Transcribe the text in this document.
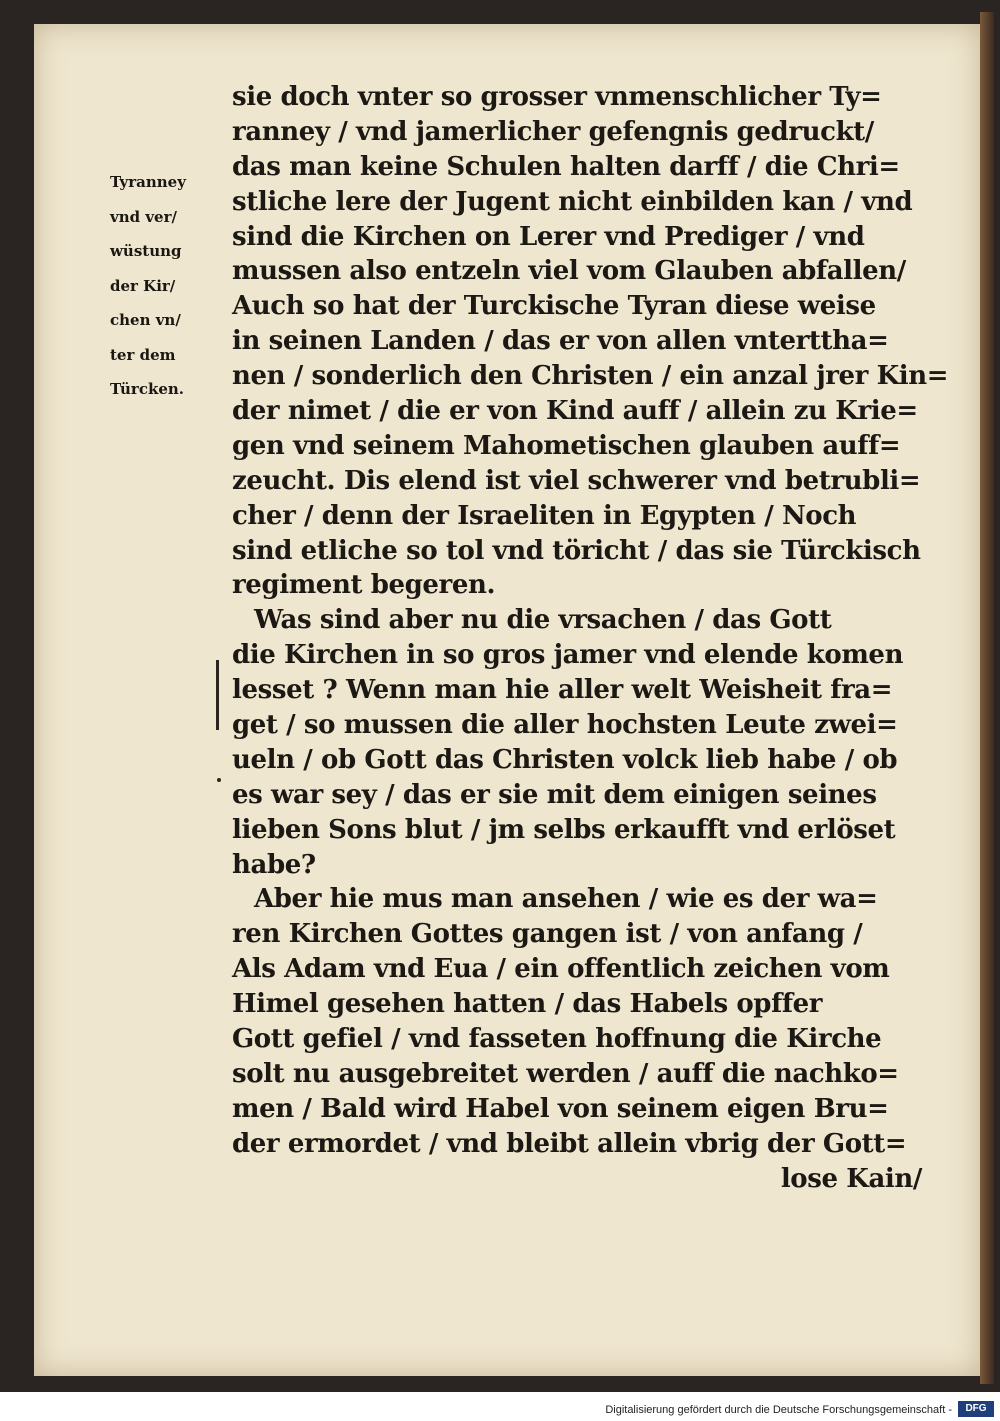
Tyranney
vnd ver/
wüstung
der Kir/
chen vn/
ter dem
Türcken.
sie doch vnter so grosser vnmenschlicher Ty=
ranney / vnd jamerlicher gefengnis gedruckt/
das man keine Schulen halten darff / die Chri=
stliche lere der Jugent nicht einbilden kan / vnd
sind die Kirchen on Lerer vnd Prediger / vnd
mussen also entzeln viel vom Glauben abfallen/
Auch so hat der Turckische Tyran diese weise
in seinen Landen / das er von allen vnterttha=
nen / sonderlich den Christen / ein anzal jrer Kin=
der nimet / die er von Kind auff / allein zu Krie=
gen vnd seinem Mahometischen glauben auff=
zeucht. Dis elend ist viel schwerer vnd betrubli=
cher / denn der Israeliten in Egypten / Noch
sind etliche so tol vnd töricht / das sie Türckisch
regiment begeren.
Was sind aber nu die vrsachen / das Gott
die Kirchen in so gros jamer vnd elende komen
lesset ? Wenn man hie aller welt Weisheit fra=
get / so mussen die aller hochsten Leute zwei=
ueln / ob Gott das Christen volck lieb habe / ob
es war sey / das er sie mit dem einigen seines
lieben Sons blut / jm selbs erkaufft vnd erlöset
habe?
Aber hie mus man ansehen / wie es der wa=
ren Kirchen Gottes gangen ist / von anfang /
Als Adam vnd Eua / ein offentlich zeichen vom
Himel gesehen hatten / das Habels opffer
Gott gefiel / vnd fasseten hoffnung die Kirche
solt nu ausgebreitet werden / auff die nachko=
men / Bald wird Habel von seinem eigen Bru=
der ermordet / vnd bleibt allein vbrig der Gott=
lose Kain/
Digitalisierung gefördert durch die Deutsche Forschungsgemeinschaft -	DFG
